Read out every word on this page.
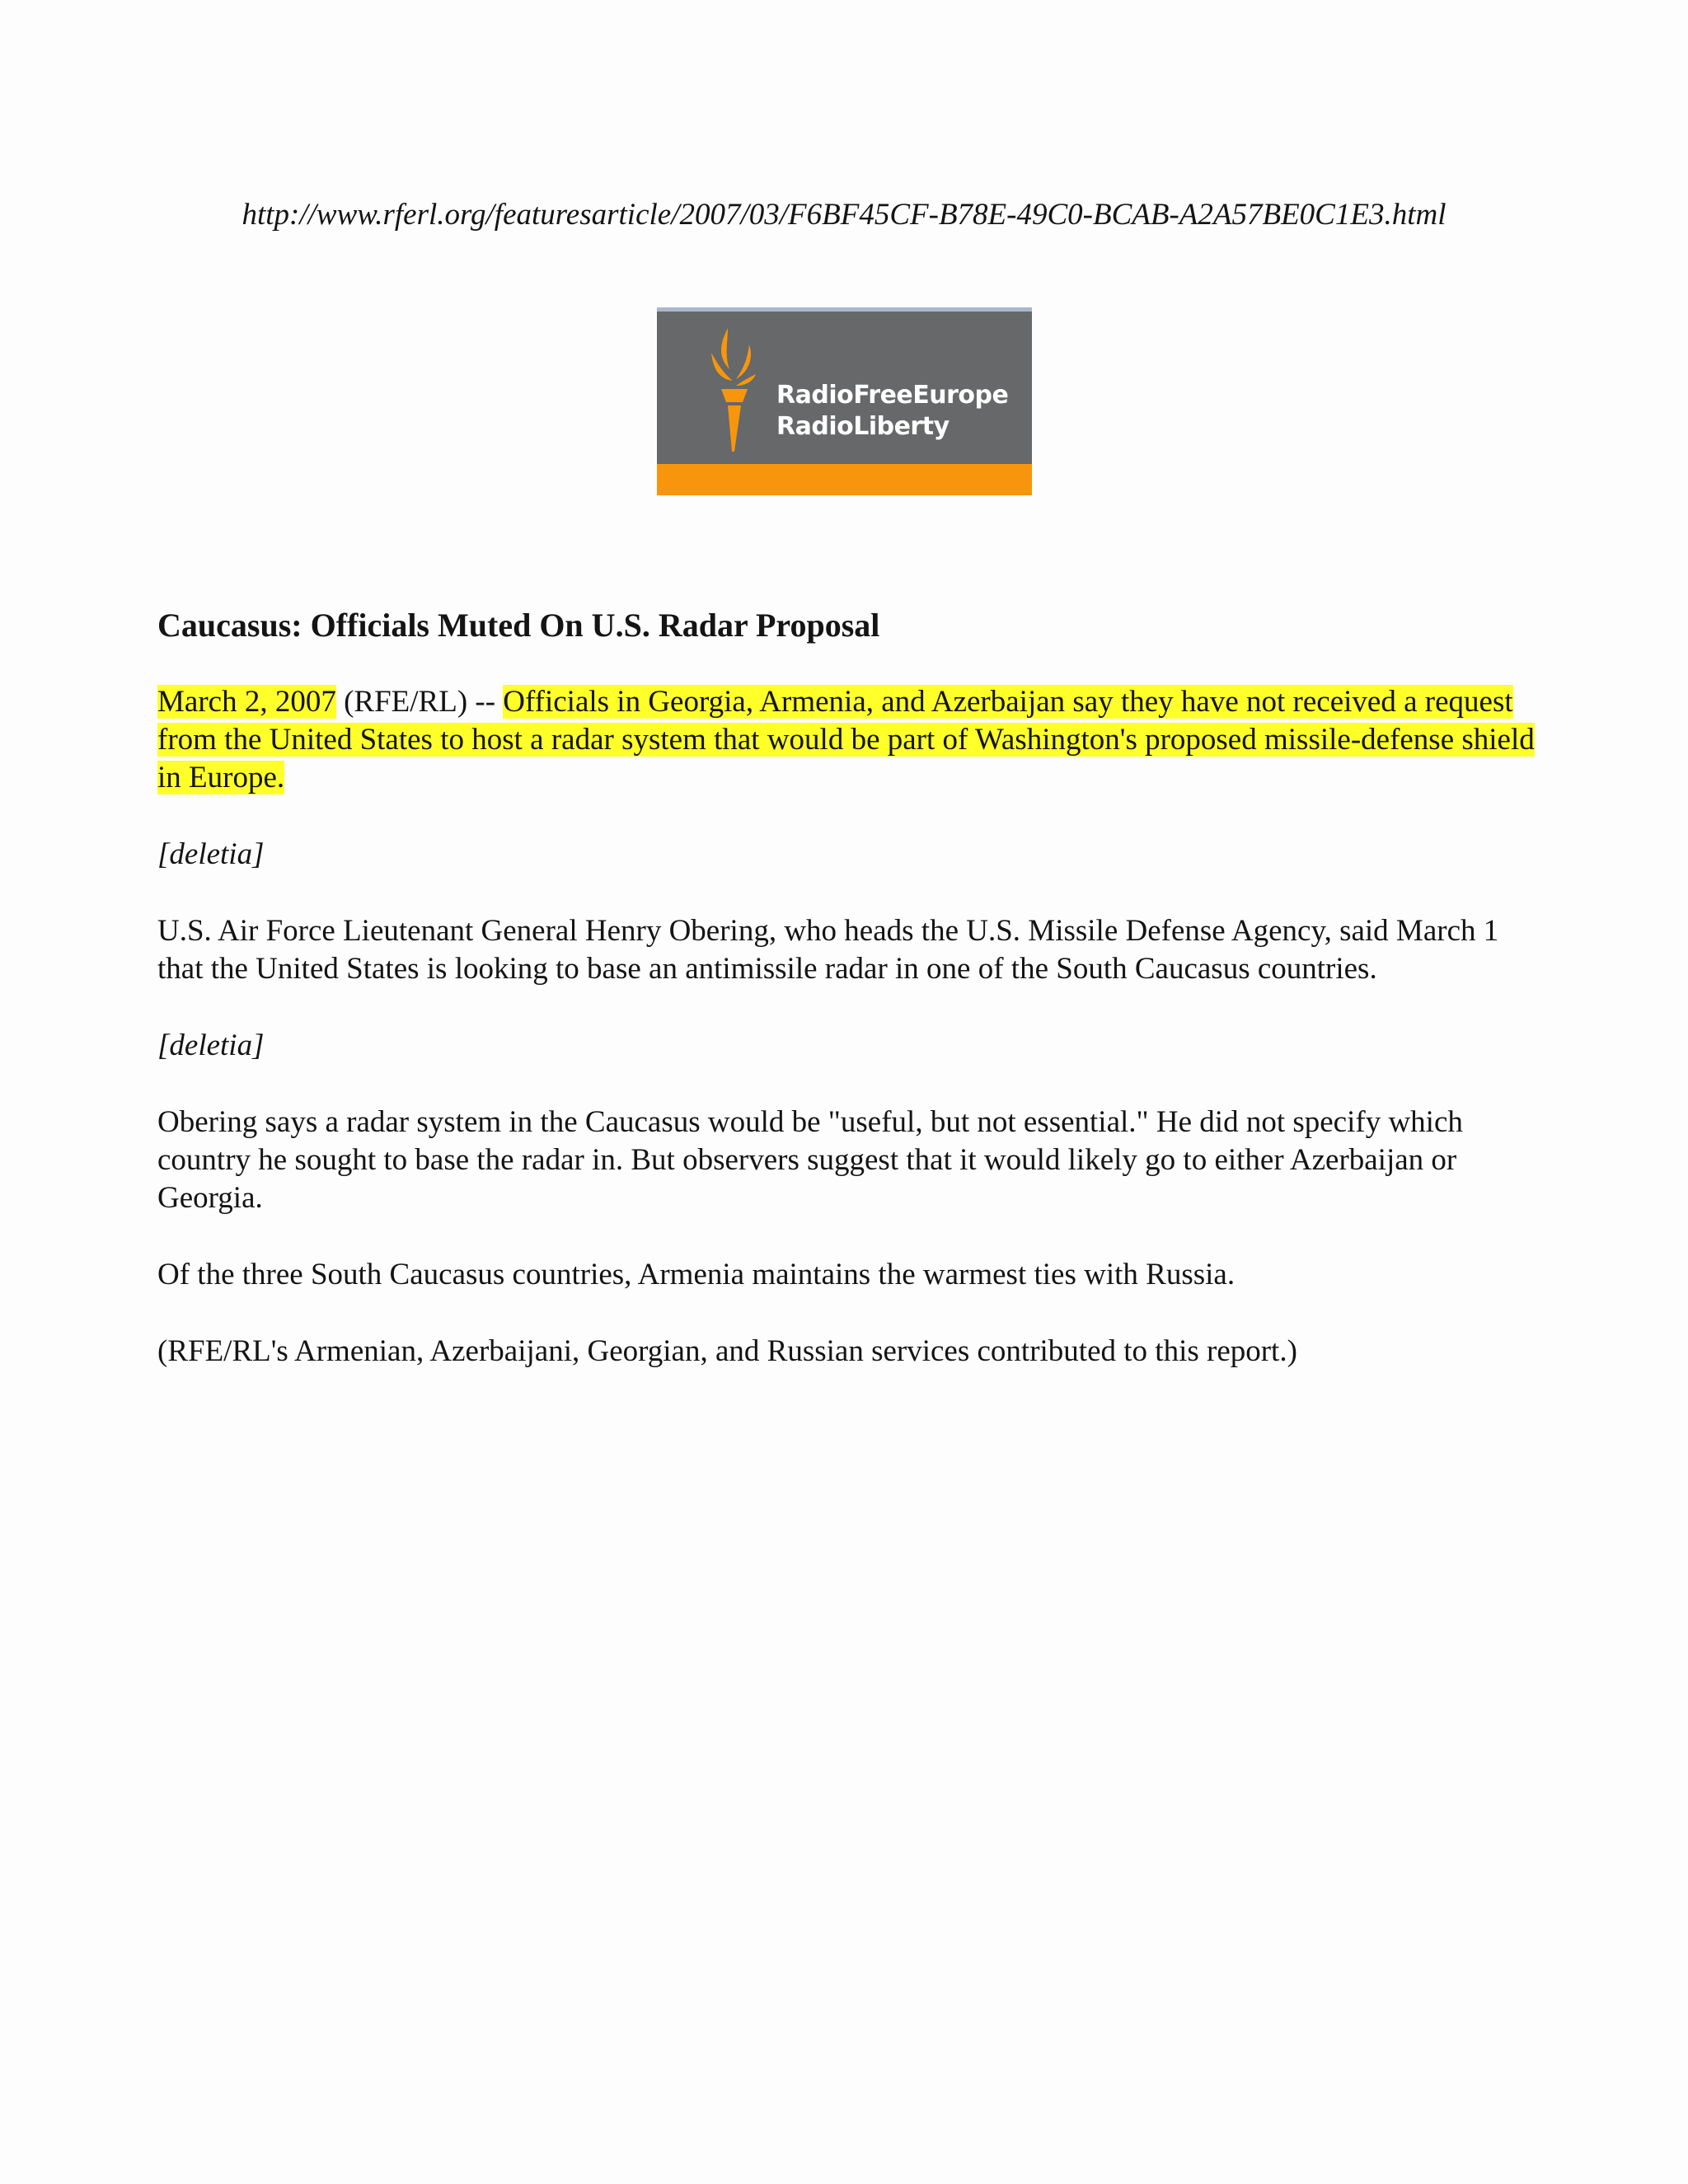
http://www.rferl.org/featuresarticle/2007/03/F6BF45CF-B78E-49C0-BCAB-A2A57BE0C1E3.html
RadioFreeEurope
RadioLiberty
Caucasus: Officials Muted On U.S. Radar Proposal
March 2, 2007 (RFE/RL) -- Officials in Georgia, Armenia, and Azerbaijan say they have not received a request from the United States to host a radar system that would be part of Washington's proposed missile-defense shield in Europe.
[deletia]
U.S. Air Force Lieutenant General Henry Obering, who heads the U.S. Missile Defense Agency, said March 1 that the United States is looking to base an antimissile radar in one of the South Caucasus countries.
[deletia]
Obering says a radar system in the Caucasus would be "useful, but not essential." He did not specify which country he sought to base the radar in. But observers suggest that it would likely go to either Azerbaijan or Georgia.
Of the three South Caucasus countries, Armenia maintains the warmest ties with Russia.
(RFE/RL's Armenian, Azerbaijani, Georgian, and Russian services contributed to this report.)
